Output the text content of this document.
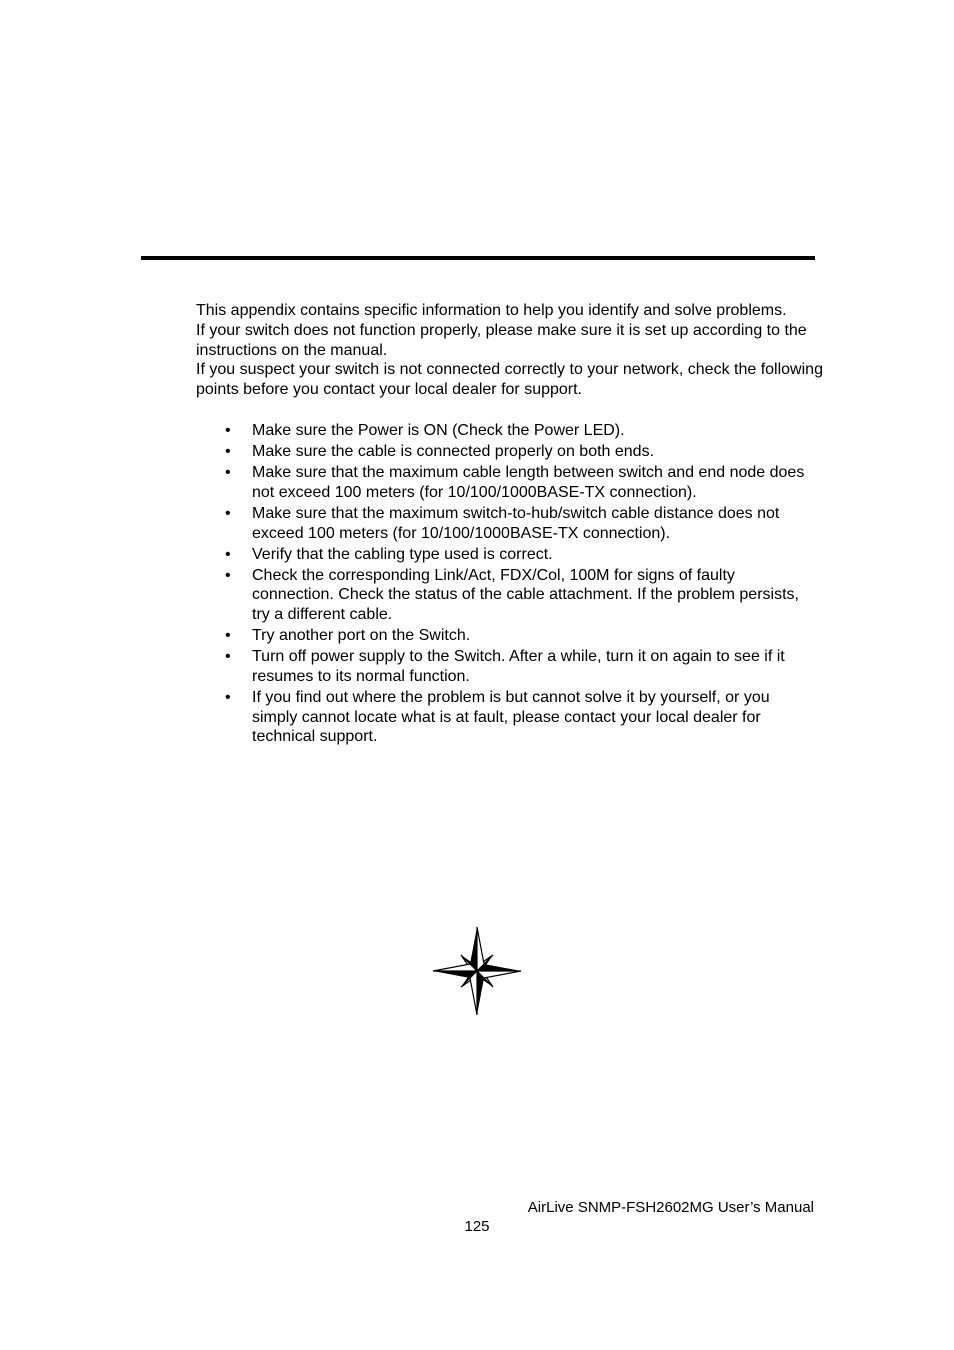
This appendix contains specific information to help you identify and solve problems.

If your switch does not function properly, please make sure it is set up according to the instructions on the manual.

If you suspect your switch is not connected correctly to your network, check the following points before you contact your local dealer for support.

• Make sure the Power is ON (Check the Power LED).
• Make sure the cable is connected properly on both ends.
• Make sure that the maximum cable length between switch and end node does not exceed 100 meters (for 10/100/1000BASE-TX connection).
• Make sure that the maximum switch-to-hub/switch cable distance does not exceed 100 meters (for 10/100/1000BASE-TX connection).
• Verify that the cabling type used is correct.
• Check the corresponding Link/Act, FDX/Col, 100M for signs of faulty connection. Check the status of the cable attachment. If the problem persists, try a different cable.
• Try another port on the Switch.
• Turn off power supply to the Switch. After a while, turn it on again to see if it resumes to its normal function.
• If you find out where the problem is but cannot solve it by yourself, or you simply cannot locate what is at fault, please contact your local dealer for technical support.
AirLive SNMP-FSH2602MG User’s Manual
125
